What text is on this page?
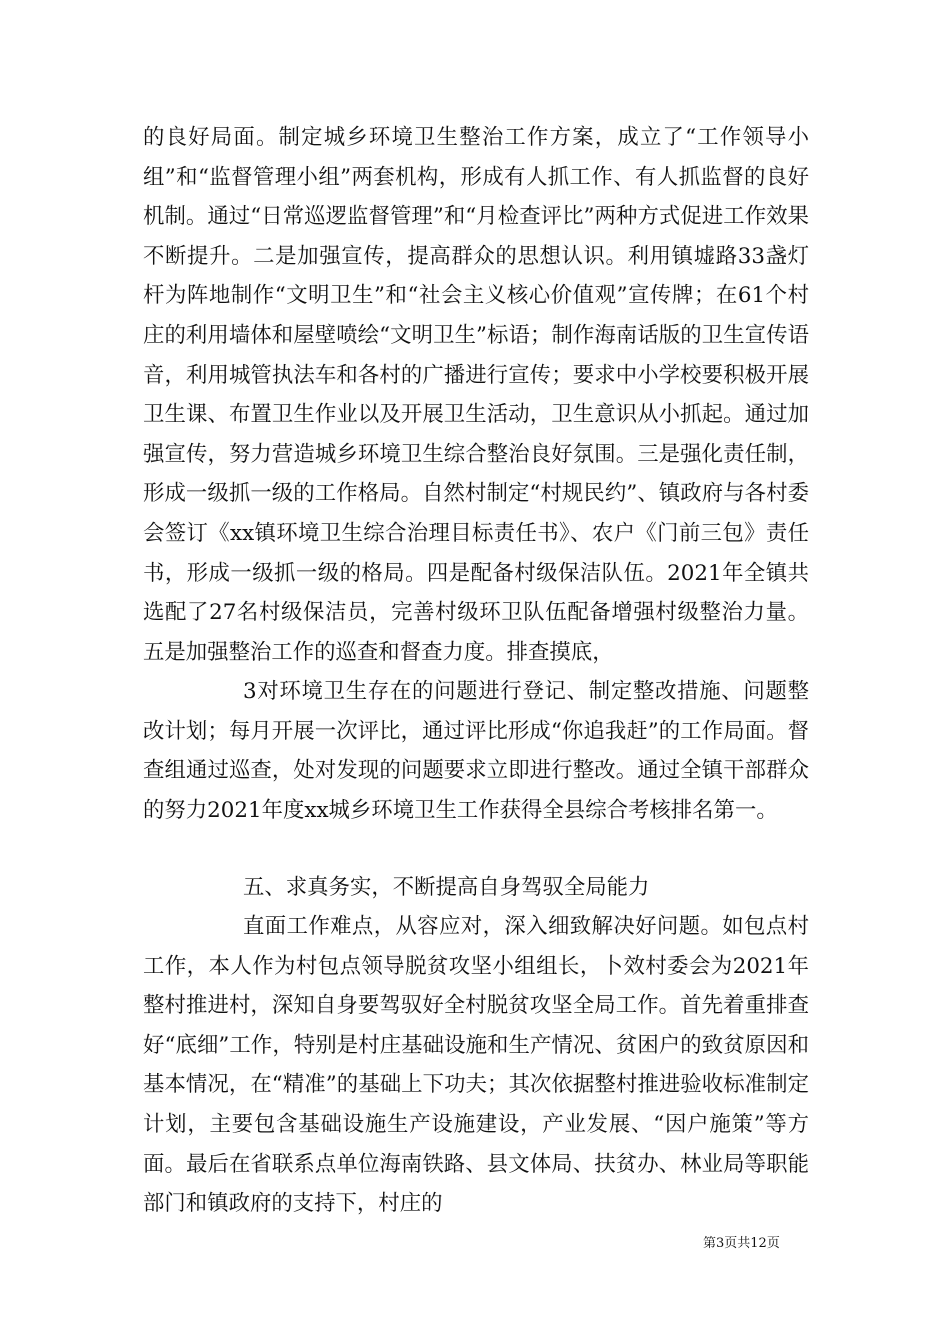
的良好局面。制定城乡环境卫生整治工作方案，成立了“工作领导小组”和“监督管理小组”两套机构，形成有人抓工作、有人抓监督的良好机制。通过“日常巡逻监督管理”和“月检查评比”两种方式促进工作效果不断提升。二是加强宣传，提高群众的思想认识。利用镇墟路33盏灯杆为阵地制作“文明卫生”和“社会主义核心价值观”宣传牌；在61个村庄的利用墙体和屋壁喷绘“文明卫生”标语；制作海南话版的卫生宣传语音，利用城管执法车和各村的广播进行宣传；要求中小学校要积极开展卫生课、布置卫生作业以及开展卫生活动，卫生意识从小抓起。通过加强宣传，努力营造城乡环境卫生综合整治良好氛围。三是强化责任制，形成一级抓一级的工作格局。自然村制定“村规民约”、镇政府与各村委会签订《xx镇环境卫生综合治理目标责任书》、农户《门前三包》责任书，形成一级抓一级的格局。四是配备村级保洁队伍。2021年全镇共选配了27名村级保洁员，完善村级环卫队伍配备增强村级整治力量。五是加强整治工作的巡查和督查力度。排查摸底，
3对环境卫生存在的问题进行登记、制定整改措施、问题整改计划；每月开展一次评比，通过评比形成“你追我赶”的工作局面。督查组通过巡查，处对发现的问题要求立即进行整改。通过全镇干部群众的努力2021年度xx城乡环境卫生工作获得全县综合考核排名第一。
五、求真务实，不断提高自身驾驭全局能力
直面工作难点，从容应对，深入细致解决好问题。如包点村工作，本人作为村包点领导脱贫攻坚小组组长，卜效村委会为2021年整村推进村，深知自身要驾驭好全村脱贫攻坚全局工作。首先着重排查好“底细”工作，特别是村庄基础设施和生产情况、贫困户的致贫原因和基本情况，在“精准”的基础上下功夫；其次依据整村推进验收标准制定计划，主要包含基础设施生产设施建设，产业发展、“因户施策”等方面。最后在省联系点单位海南铁路、县文体局、扶贫办、林业局等职能部门和镇政府的支持下，村庄的
第3页共12页
